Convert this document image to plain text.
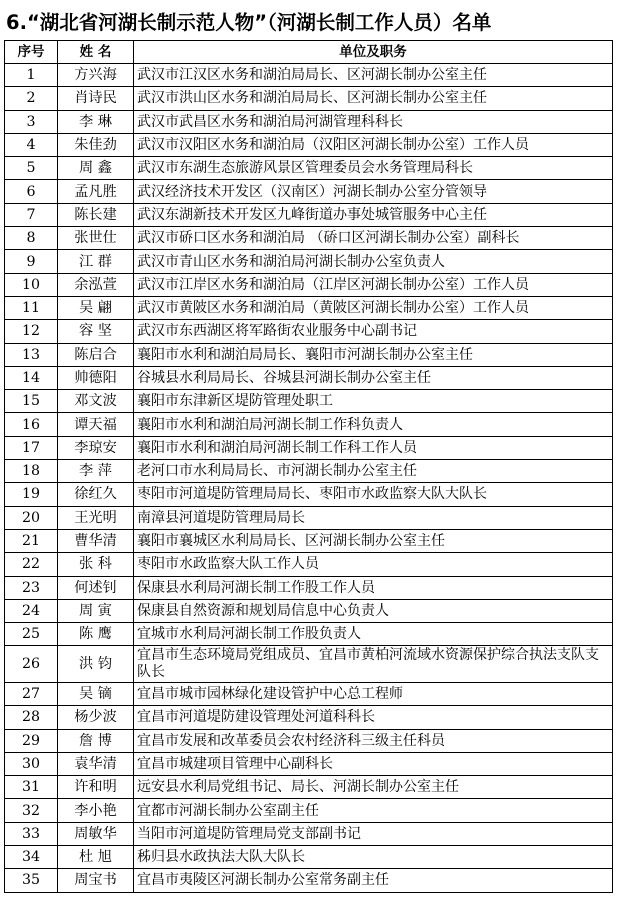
6.“湖北省河湖长制示范人物”（河湖长制工作人员）名单
序号	姓 名	单位及职务
1	方兴海	武汉市江汉区水务和湖泊局局长、区河湖长制办公室主任
2	肖诗民	武汉市洪山区水务和湖泊局局长、区河湖长制办公室主任
3	李 琳	武汉市武昌区水务和湖泊局河湖管理科科长
4	朱佳劲	武汉市汉阳区水务和湖泊局（汉阳区河湖长制办公室）工作人员
5	周 鑫	武汉市东湖生态旅游风景区管理委员会水务管理局科长
6	孟凡胜	武汉经济技术开发区（汉南区）河湖长制办公室分管领导
7	陈长建	武汉东湖新技术开发区九峰街道办事处城管服务中心主任
8	张世仕	武汉市硚口区水务和湖泊局 （硚口区河湖长制办公室）副科长
9	江 群	武汉市青山区水务和湖泊局河湖长制办公室负责人
10	余泓萱	武汉市江岸区水务和湖泊局（江岸区河湖长制办公室）工作人员
11	吴 翩	武汉市黄陂区水务和湖泊局（黄陂区河湖长制办公室）工作人员
12	容 坚	武汉市东西湖区将军路街农业服务中心副书记
13	陈启合	襄阳市水利和湖泊局局长、襄阳市河湖长制办公室主任
14	帅德阳	谷城县水利局局长、谷城县河湖长制办公室主任
15	邓文波	襄阳市东津新区堤防管理处职工
16	谭天福	襄阳市水利和湖泊局河湖长制工作科负责人
17	李琼安	襄阳市水利和湖泊局河湖长制工作科工作人员
18	李 萍	老河口市水利局局长、市河湖长制办公室主任
19	徐红久	枣阳市河道堤防管理局局长、枣阳市水政监察大队大队长
20	王光明	南漳县河道堤防管理局局长
21	曹华清	襄阳市襄城区水利局局长、区河湖长制办公室主任
22	张 科	枣阳市水政监察大队工作人员
23	何述钊	保康县水利局河湖长制工作股工作人员
24	周 寅	保康县自然资源和规划局信息中心负责人
25	陈 鹰	宜城市水利局河湖长制工作股负责人
26	洪 钧	宜昌市生态环境局党组成员、宜昌市黄柏河流域水资源保护综合执法支队支队长
27	吴 镝	宜昌市城市园林绿化建设管护中心总工程师
28	杨少波	宜昌市河道堤防建设管理处河道科科长
29	詹 博	宜昌市发展和改革委员会农村经济科三级主任科员
30	袁华清	宜昌市城建项目管理中心副科长
31	许和明	远安县水利局党组书记、局长、河湖长制办公室主任
32	李小艳	宜都市河湖长制办公室副主任
33	周敏华	当阳市河道堤防管理局党支部副书记
34	杜 旭	秭归县水政执法大队大队长
35	周宝书	宜昌市夷陵区河湖长制办公室常务副主任
